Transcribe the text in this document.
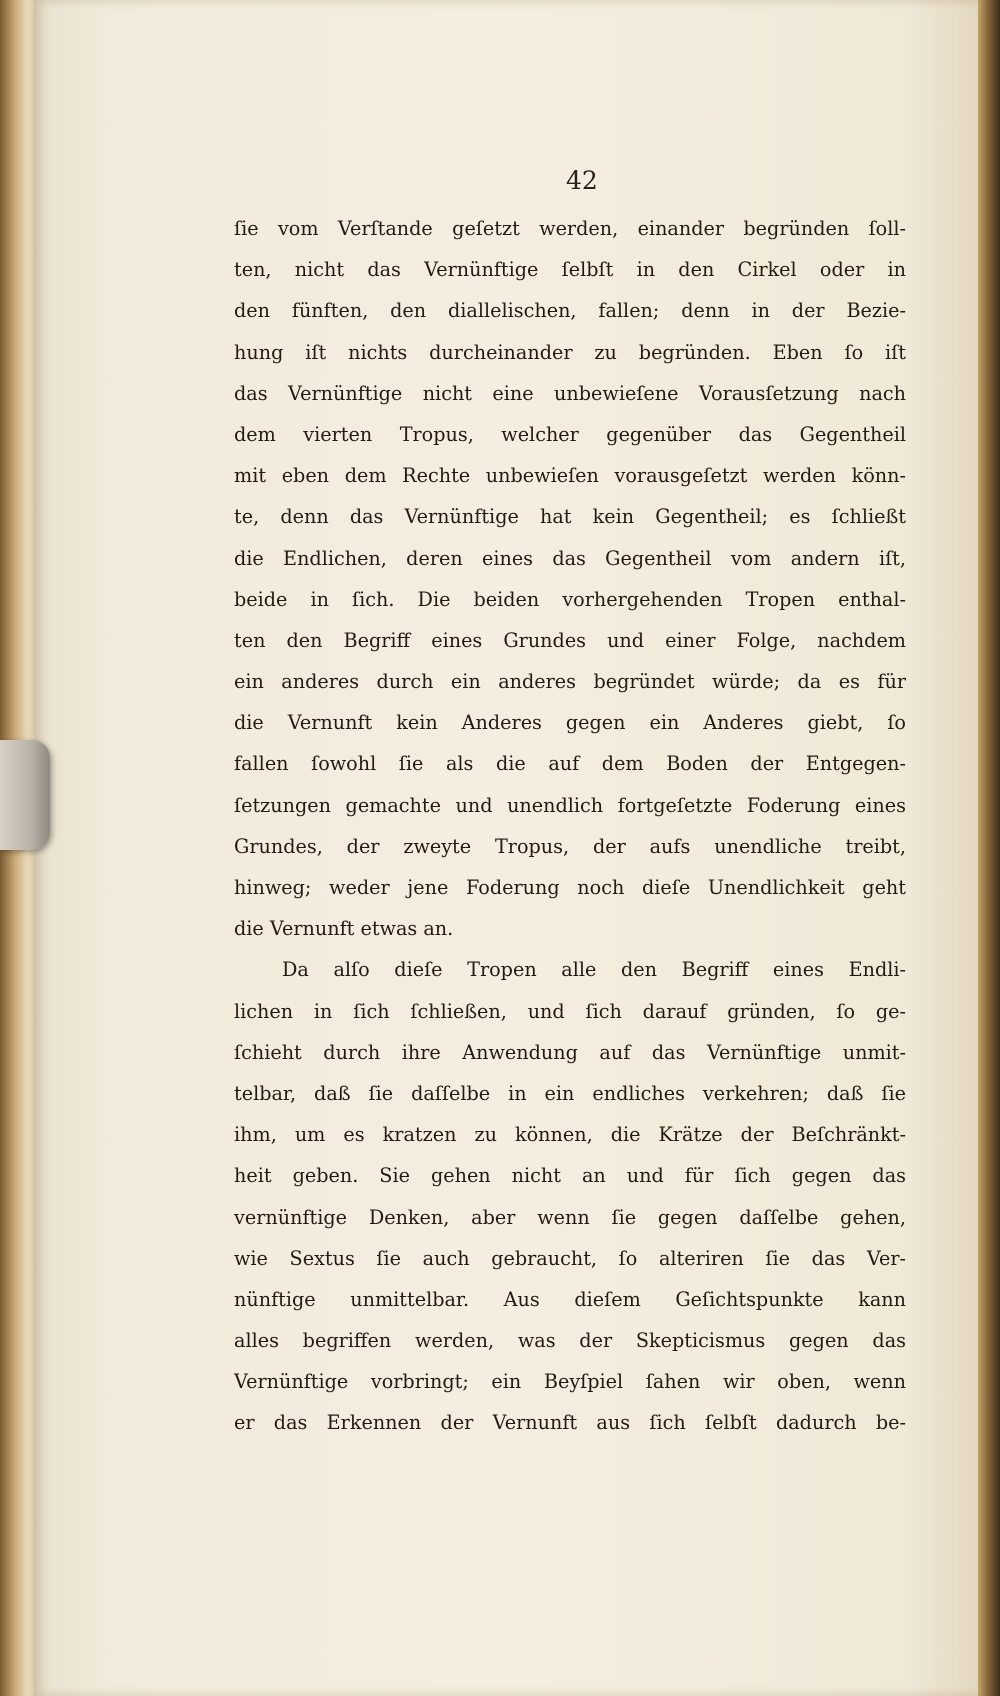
42
ſie vom Verſtande geſetzt werden, einander begründen ſoll-
ten, nicht das Vernünftige ſelbſt in den Cirkel oder in
den fünften, den diallelischen, fallen; denn in der Bezie-
hung iſt nichts durcheinander zu begründen. Eben ſo iſt
das Vernünftige nicht eine unbewieſene Vorausſetzung nach
dem vierten Tropus, welcher gegenüber das Gegentheil
mit eben dem Rechte unbewieſen vorausgeſetzt werden könn-
te, denn das Vernünftige hat kein Gegentheil; es ſchließt
die Endlichen, deren eines das Gegentheil vom andern iſt,
beide in ſich. Die beiden vorhergehenden Tropen enthal-
ten den Begriff eines Grundes und einer Folge, nachdem
ein anderes durch ein anderes begründet würde; da es für
die Vernunft kein Anderes gegen ein Anderes giebt, ſo
fallen ſowohl ſie als die auf dem Boden der Entgegen-
ſetzungen gemachte und unendlich fortgeſetzte Foderung eines
Grundes, der zweyte Tropus, der aufs unendliche treibt,
hinweg; weder jene Foderung noch dieſe Unendlichkeit geht
die Vernunft etwas an.
Da alſo dieſe Tropen alle den Begriff eines Endli-
lichen in ſich ſchließen, und ſich darauf gründen, ſo ge-
ſchieht durch ihre Anwendung auf das Vernünftige unmit-
telbar, daß ſie daſſelbe in ein endliches verkehren; daß ſie
ihm, um es kratzen zu können, die Krätze der Beſchränkt-
heit geben. Sie gehen nicht an und für ſich gegen das
vernünftige Denken, aber wenn ſie gegen daſſelbe gehen,
wie Sextus ſie auch gebraucht, ſo alteriren ſie das Ver-
nünftige unmittelbar. Aus dieſem Geſichtspunkte kann
alles begriffen werden, was der Skepticismus gegen das
Vernünftige vorbringt; ein Beyſpiel ſahen wir oben, wenn
er das Erkennen der Vernunft aus ſich ſelbſt dadurch be-
